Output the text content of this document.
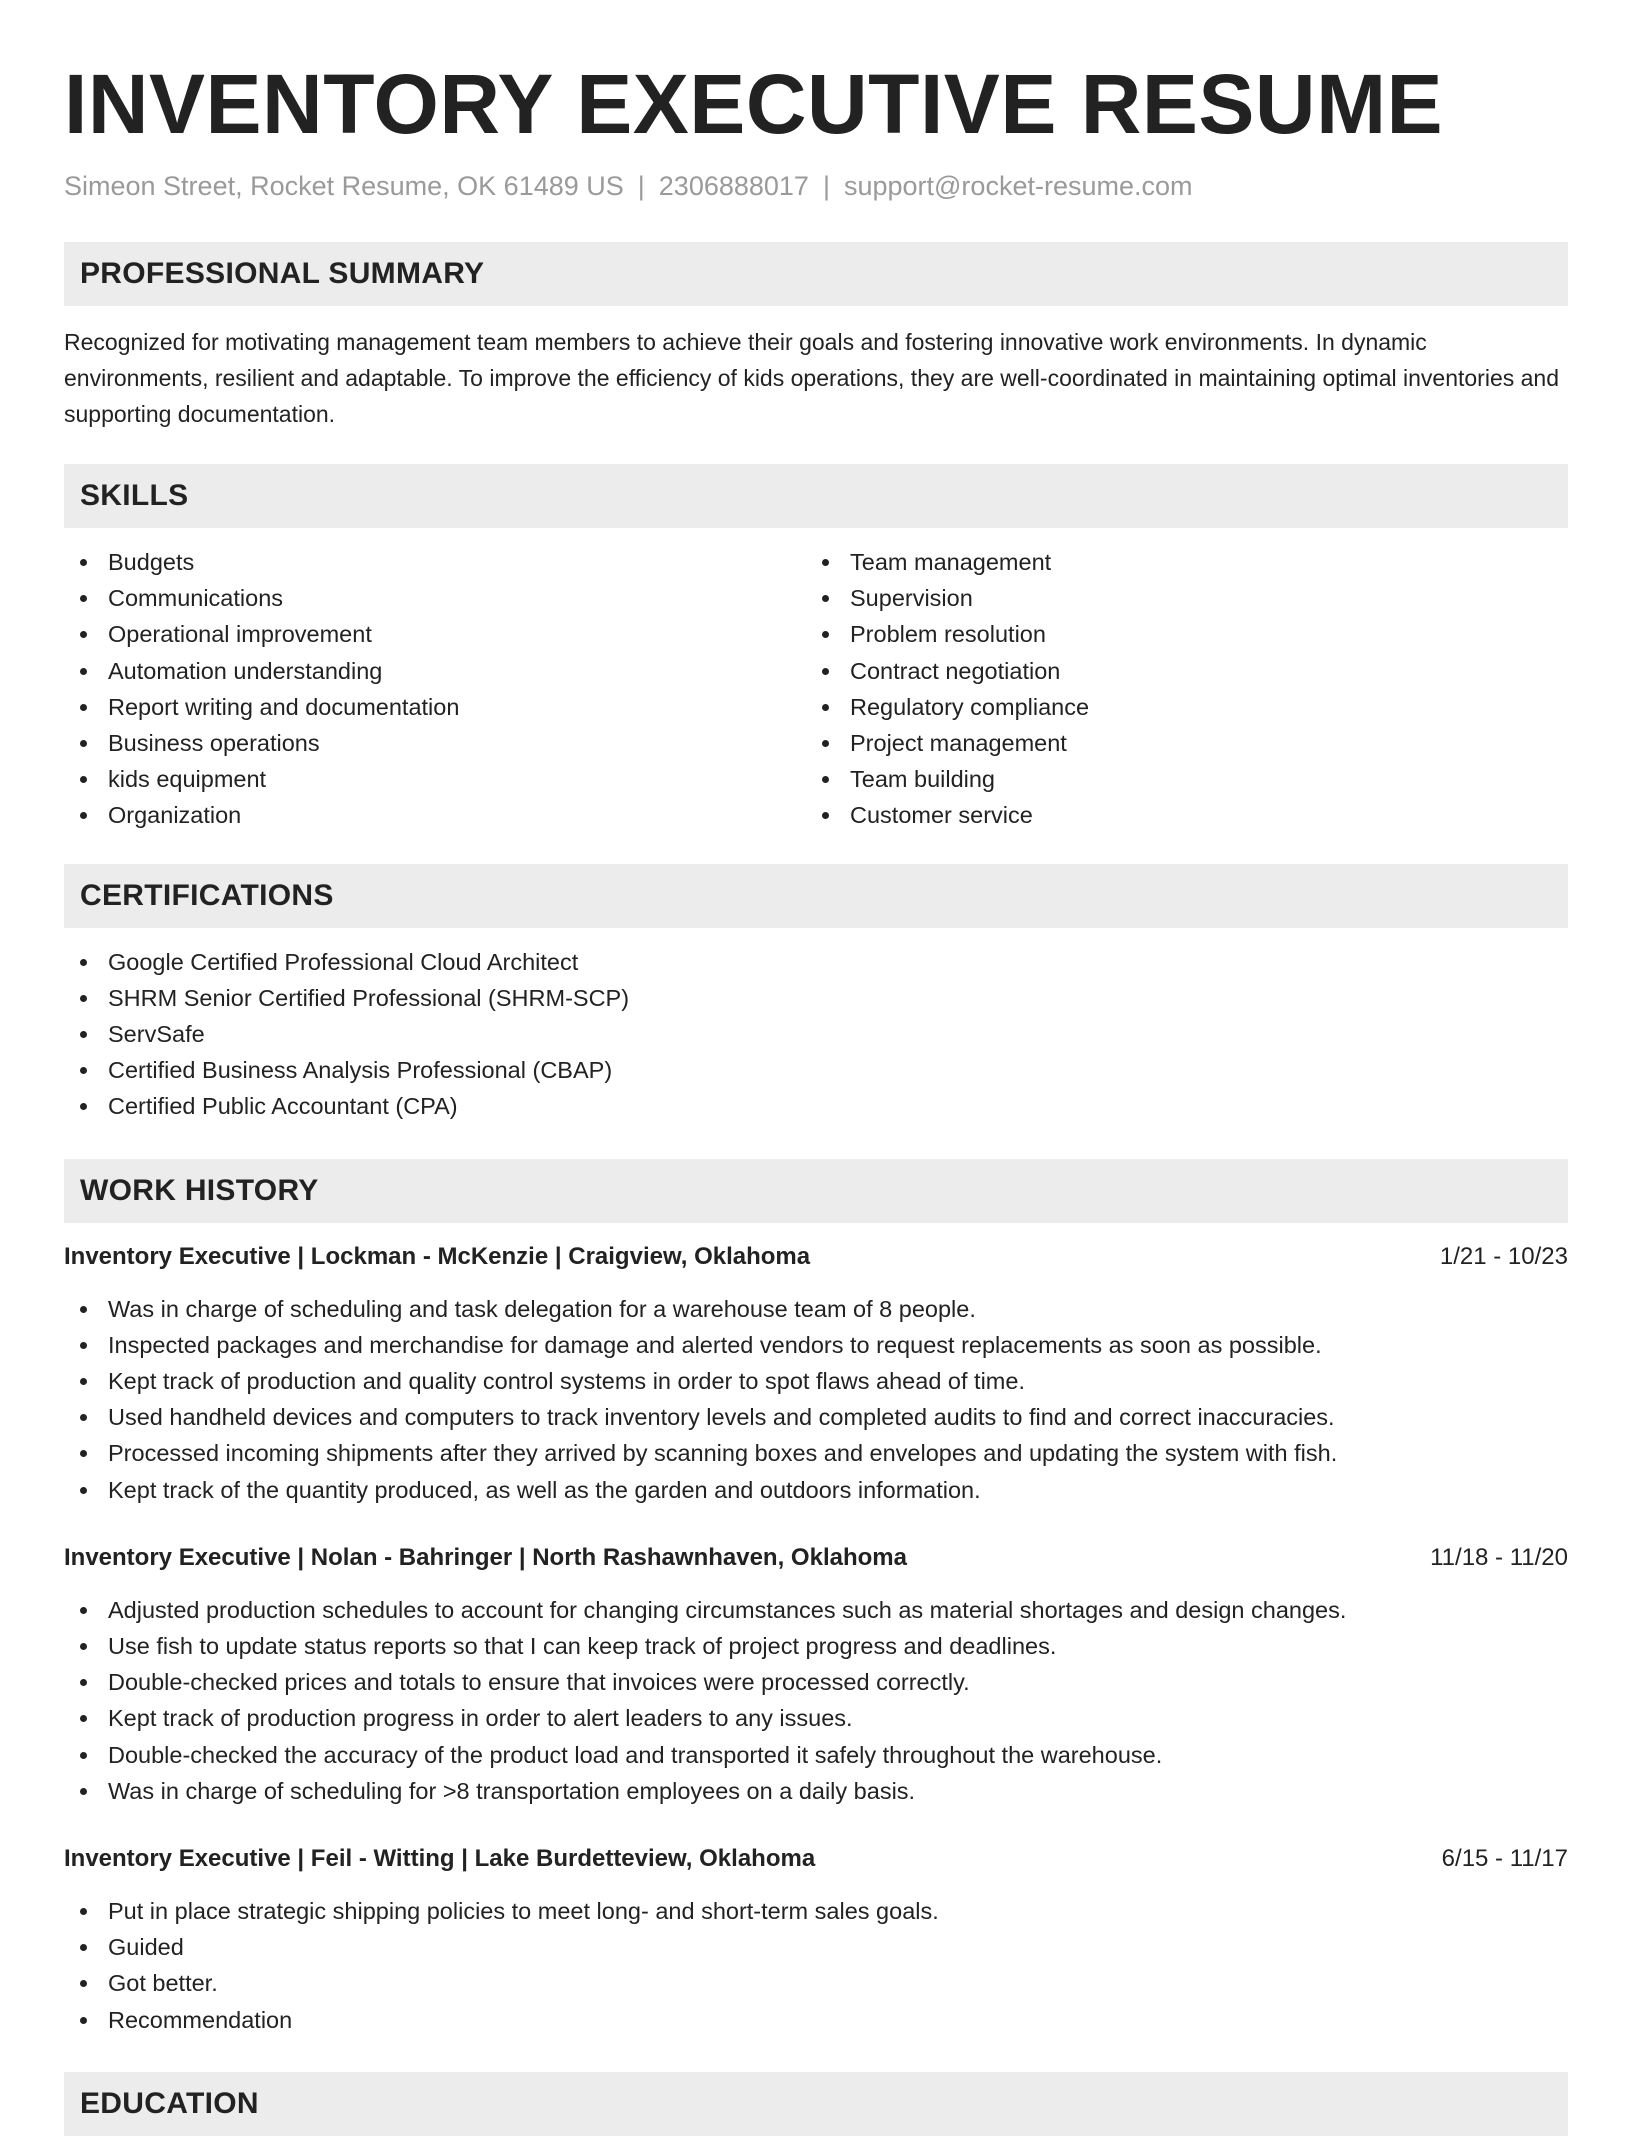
INVENTORY EXECUTIVE RESUME
Simeon Street, Rocket Resume, OK 61489 US | 2306888017 | support@rocket-resume.com
PROFESSIONAL SUMMARY

Recognized for motivating management team members to achieve their goals and fostering innovative work environments. In dynamic environments, resilient and adaptable. To improve the efficiency of kids operations, they are well-coordinated in maintaining optimal inventories and supporting documentation.

SKILLS
Budgets
Communications
Operational improvement
Automation understanding
Report writing and documentation
Business operations
kids equipment
Organization
Team management
Supervision
Problem resolution
Contract negotiation
Regulatory compliance
Project management
Team building
Customer service
CERTIFICATIONS
Google Certified Professional Cloud Architect
SHRM Senior Certified Professional (SHRM-SCP)
ServSafe
Certified Business Analysis Professional (CBAP)
Certified Public Accountant (CPA)
WORK HISTORY
Inventory Executive | Lockman - McKenzie | Craigview, Oklahoma	1/21 - 10/23
Was in charge of scheduling and task delegation for a warehouse team of 8 people.
Inspected packages and merchandise for damage and alerted vendors to request replacements as soon as possible.
Kept track of production and quality control systems in order to spot flaws ahead of time.
Used handheld devices and computers to track inventory levels and completed audits to find and correct inaccuracies.
Processed incoming shipments after they arrived by scanning boxes and envelopes and updating the system with fish.
Kept track of the quantity produced, as well as the garden and outdoors information.
Inventory Executive | Nolan - Bahringer | North Rashawnhaven, Oklahoma	11/18 - 11/20
Adjusted production schedules to account for changing circumstances such as material shortages and design changes.
Use fish to update status reports so that I can keep track of project progress and deadlines.
Double-checked prices and totals to ensure that invoices were processed correctly.
Kept track of production progress in order to alert leaders to any issues.
Double-checked the accuracy of the product load and transported it safely throughout the warehouse.
Was in charge of scheduling for >8 transportation employees on a daily basis.
Inventory Executive | Feil - Witting | Lake Burdetteview, Oklahoma	6/15 - 11/17
Put in place strategic shipping policies to meet long- and short-term sales goals.
Guided
Got better.
Recommendation
EDUCATION
